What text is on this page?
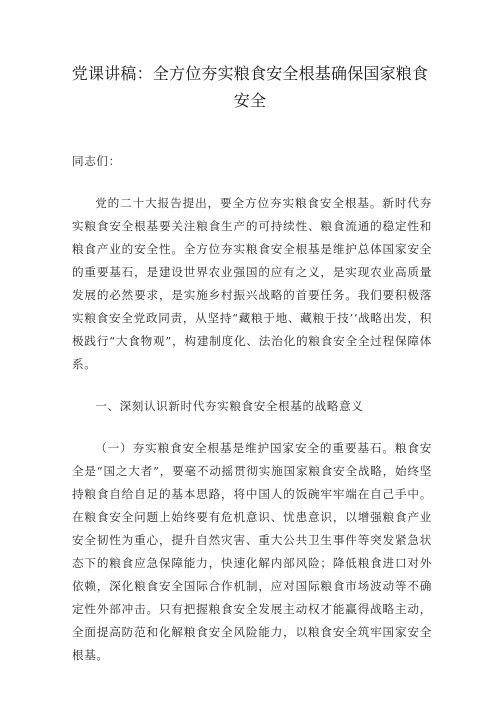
党课讲稿：全方位夯实粮食安全根基确保国家粮食安全

同志们：

党的二十大报告提出，要全方位夯实粮食安全根基。新时代夯实粮食安全根基要关注粮食生产的可持续性、粮食流通的稳定性和粮食产业的安全性。全方位夯实粮食安全根基是维护总体国家安全的重要基石，是建设世界农业强国的应有之义，是实现农业高质量发展的必然要求，是实施乡村振兴战略的首要任务。我们要积极落实粮食安全党政同责，从坚持“藏粮于地、藏粮于技’’战略出发，积极践行“大食物观”，构建制度化、法治化的粮食安全全过程保障体系。

一、深刻认识新时代夯实粮食安全根基的战略意义

（一）夯实粮食安全根基是维护国家安全的重要基石。粮食安全是“国之大者”，要毫不动摇贯彻实施国家粮食安全战略，始终坚持粮食自给自足的基本思路，将中国人的饭碗牢牢端在自己手中。在粮食安全问题上始终要有危机意识、忧患意识，以增强粮食产业安全韧性为重心，提升自然灾害、重大公共卫生事件等突发紧急状态下的粮食应急保障能力，快速化解内部风险；降低粮食进口对外依赖，深化粮食安全国际合作机制，应对国际粮食市场波动等不确定性外部冲击。只有把握粮食安全发展主动权才能赢得战略主动，全面提高防范和化解粮食安全风险能力，以粮食安全筑牢国家安全根基。
